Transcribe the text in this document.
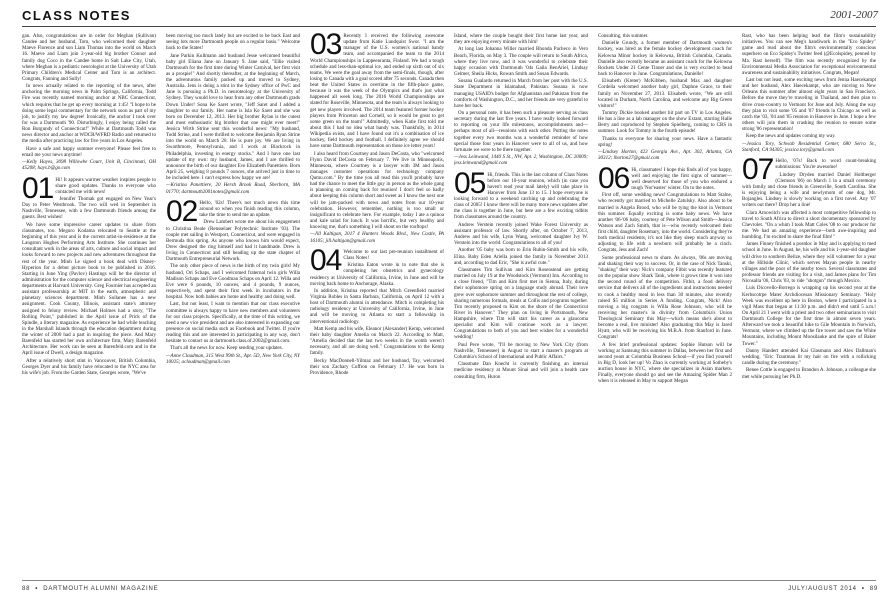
CLASS NOTES	2001-2007

gan. Also, congratulations are in order for Meghan (Sullivan) Candee and her husband, Tom, who welcomed their daughter Maeve Florence and son Liam Thomas into the world on March 16. Maeve and Liam join 2-year-old big brother Connor and family dog Coco in the Candee home in Salt Lake City, Utah, where Meghan is a pediatric neurologist at the University of Utah Primary Children's Medical Center and Tom is an architect. Congrats, Fanning and Sully!

In news actually related to the reporting of the news, after anchoring the morning news in Palm Springs, California, Todd Fire was recently named morning anchor at NBC Connecticut, which requires that he get up every morning at 1:45! "I hope to be doing some legal commentary for the network soon as part of my job, to justify my law degree! Ironically, the anchor I took over for was a Dartmouth '90. Disturbingly, I enjoy being called the Ron Burgundy of Connecticut!" While at Dartmouth Todd was news director and anchor at WDCR/WFRD Radio and returned to the media after practicing law for five years in Los Angeles.

Have a safe and happy summer everyone! Please feel free to email me your news anytime!

—Kelly Hayes, 3098 Willowbe Court, Unit B, Cincinnati, OH 45208; hays.b@go.com

01 Hi! It appears warmer weather inspires people to share good updates. Thanks to everyone who contacted me with news!

Jennifer Thomak got engaged on New Year's Day to Peter Westbrook. The two will wed in September in Nashville, Tennessee, with a few Dartmouth friends among the guests. Best wishes!

We have some impressive career updates to share from classmates, too. Meguro Kodama relocated to Seattle at the beginning of this year and is the current artist-in-residence at the Langston Hughes Performing Arts Institute. She continues her consultant work in the areas of arts, culture and social impact and looks forward to new projects and new adventures throughout the rest of the year. Minh Le signed a book deal with Disney-Hyperion for a debut picture book to be published in 2016. Starting in June Ying (Pavlov) Hastings will be the director of administration for the computer science and electrical engineering departments at Harvard University. Greg Fournier has accepted an assistant professorship at MIT in the earth, atmospheric and planetary sciences department. Minh Sollanee has a new assignment. Cook County, Illinois, assistant state's attorney assigned to felony review. Michael Holmes had a story, "The Rolling Point," published in the April issue of Prick of the Spindle, a literary magazine. As experience he had while teaching in the Marshall Islands through the education department during the winter of 2000 had a part in inspiring the piece. And Mary Barenfeld has started her own architecture firm, Mary Barenfeld Architecture. Her work can be seen at Barenfeld.com and in the April issue of Dwell, a design magazine.

After a relatively short stint in Vancouver, British Columbia, Georges Dyer and his family have relocated to the NYC area for his wife's job. From the Garden State, Georges wrote, "We've

been moving too much lately but are excited to be back East and seeing lots more Dartmouth people on a regular basis." Welcome back to the States!

Jane Parkin Kullmann and husband Jesse welcomed beautiful baby girl Eliana Jane on January 9. Jane said, "Ellie visited Dartmouth for the first time during Winter Carnival, her first visit as a prospie!" And shortly thereafter, at the beginning of March, the adventurous family packed up and moved to Sydney, Australia. Jens is doing a stint in the Sydney office of PwC and Jane is pursuing a Ph.D. in neuroteology at the University of Sydney. They would love to hear from any other Dartmouth grads Down Under! Sona Ke Saret wrote, "Jeff Saret and I added a daughter to our family. Her name is Isla Ke Saret and she was born on December 12, 2013. Her big brother Rylan is the cutest and most enthusiastic big brother that one might ever meet!" Jessica Wirth Strine sent this wonderful news: "My husband, Todd Strine, and I were thrilled to welcome Benjamin Ryan Strine into the world on March 28. He is pure joy. We are living in Swarthmore, Pennsylvania, and I work at Blackrock in Philadelphia, investing in energy stocks." And I have one last update of my own: my husband, James, and I are thrilled to announce the birth of our daughter Eve Elizabeth Panettiere. Born April 25, weighing 8 pounds 7 ounces, she arrived just in time to be included here. I can't express how happy we are!

—Kristina Panettiere, 20 Hersh Brook Road, Sherborn, MA 01770; dartmouth2001notes@gmail.com

02 Hello, '02s! There's not much news this time around so when you finish reading this column, take the time to send me an update.

Drew Lambert wrote me about his engagement to Christina Beale (Rensselaer Polytechnic Institute '03). The couple met sailing in Westport, Connecticut, and were engaged in Bermuda this spring. As anyone who knows him would expect, Drew designed the ring himself and had it handmade. Drew is living in Connecticut and still heading up the state chapter of Dartmouth Entrepreneurial Network.

The only other piece of news is the birth of my twin girls! My husband, Ori Schaps, and I welcomed fraternal twin girls Willa Madison Schaps and Eve Goodman Schaps on April 12. Willa and Eve were 6 pounds, 10 ounces, and 4 pounds, 9 ounces, respectively, and spent their first week in incubators in the hospital. Now both babies are home and healthy and doing well.

Last, but not least, I want to mention that our class executive committee is always happy to have new members and volunteers for our class projects. Specifically, at the time of this writing, we need a new vice president and are also interested in expanding our presence on social media such as Facebook and Twitter. If you're reading this and are interested in participating in any way, don't hesitate to contact us at dartmouth.class.of.2002@gmail.com.

That's all the news for now. Keep sending your updates.

—Anne Cloudman, 315 West 99th St., Apt. 5D, New York City, NY 10025; acloudman@gmail.com

03 Recently I received the following awesome update from Katie Lundquist Swor. "I am the manager of the U.S. women's national bandy team, and accompanied the team to the 2014 World Championships in Lappeenranta, Finland. We had a tough schedule and less-than-optimal ice, and ended up sixth out of six teams. We were the goal away from the semi-finals, though, after losing to Canada with a goal scored after 75 seconds. Canada then beat the United States in overtime in the fifth-place game, because it was the week of the Olympics and that's just what happened all week long. The 2016 World Championships are slated for Roseville, Minnesota, and the team is always looking to get new players involved. The 2014 team featured former hockey players from Princeton and Cornell, so it would be great to get some green on the team!" Admittedly, when Katie first told me about this I had no idea what bandy was. Thankfully, in 2014 Wikipedia exists, and I have found out it's a combination of ice hockey, field hockey and football. I definitely agree we should have some Dartmouth representation on those ice letter years!

I also heard from Courtney and Jason DeCosta, who "welcomed Flynn David DeCosta on February 7. We live in Minneapolis, Minnesota, where Courtney is a lawyer with 3M and Jason manages customer operations for technology company Qumu.com." By the time you all read this you'll probably have had the chance to meet the little guy in person as the whole gang is planning on coming back for reunion! I don't feel so badly about keeping this column short and sweet as I know the next one will be jam-packed with news and notes from our 10-year celebration. However, remember, nothing is too small or insignificant to celebrate here. For example, today I ate a quinoa and kale salad for lunch. It was horrific, but very healthy and knowing me, that's something I will shout on the rooftops!

—Jill Kaltigan, 2017 4 Hunters Woods Blvd., New Castle, PA 16105; jill.haltigan@gmail.com

04 Welcome to our last pre-reunion installment of Class Notes!

Kristina Eaton wrote in to note that she is completing her obstetrics and gynecology residency at University of California, Irvine, in June and will be moving back home to Anchorage, Alaska.

In addition, Kristina reported that Mitch Greenfield married Virginia Robles in Santa Barbara, California, on April 12 with a host of Dartmouth alumni in attendance. Mitch is completing his radiology residency at University of California, Irvine, in June and will be moving to Atlanta to start a fellowship in interventional radiology.

Matt Kemp and his wife, Eleanor (Alexander) Kemp, welcomed their baby daughter Amelia on March 22. According to Matt, "Amelia decided that the last two weeks in the womb weren't necessary, and all are doing well." Congratulations to the Kemp family.

Becky MacDonnell-Yilmaz and her husband, Tay, welcomed their son Zachary Coffron on February 17. He was born in Providence, Rhode

Island, where the couple bought their first home last year, and they are enjoying every minute with him!

At long last Johanna Willer married Rhonda Pacheco in Vero Beach, Florida, on May 3. The couple will return to South Africa, where they live now, and it was wonderful to celebrate their happy occasion with Dartmouth '04s Gaila BenAriel, Lindsay Gelmer, Sheila Hicks, Rowan Smith and Susan Edwards.

Susana Gualardo returned in March from her post with the U.S. State Department in Islamabad, Pakistan. Susana is now managing USAID's budget for Afghanistan and Pakistan from the comforts of Washington, D.C., and her friends are very grateful to have her back.

On a personal note, it has been such a pleasure serving as class secretary during the last five years. I have really looked forward to reporting on your life milestones, accomplishments and—perhaps most of all—reunions with each other. Putting the notes together every two months was a wonderful reminder of how special those four years in Hanover were to all of us, and how fortunate we were to be there together.

—Jess Leinwand, 1440 S St., NW, Apt. 2, Washington, DC 20009; jess.leinwand@gmail.com

05 Hi, friends. This is the last column of Class Notes before our 10-year reunion, which (in case you haven't read your mail lately) will take place in Hanover from June 13 to 15. I hope everyone is looking forward to a weekend catching up and celebrating the class of 2005! I know there will be many more news updates after the class is together in June, but here are a few exciting tidbits from classmates around the country.

Andrew Verstein recently joined Wake Forest University as assistant professor of law. Shortly after, on October 7, 2013, Andrew and his wife, Lynn Wang, welcomed daughter Ivy W. Verstein into the world. Congratulations to all of you!

Another '05 baby was born to Erin Rubin-Smith and his wife, Elina. Baby Eden Ariella joined the family in November 2013 and, according to dad Eric, "She is awful cute."

Classmates Tim Sullivan and Kim Rosenstead are getting married on July 19 at the Woodstock (Vermont) Inn. According to a close friend, "Tim and Kim first met in Sienna, Italy, during their sophomore spring on a language study abroad. Their love grew over sophomore summer and throughout the rest of college, sharing numerous formals, meals at Collis and programs together. Tim recently proposed to Kim on the shore of the Connecticut River in Hanover." They plan on living in Portsmouth, New Hampshire, where Tim will start his career as a glaucoma specialist and Kim will continue work as a lawyer. Congratulations to both of you and best wishes for a wonderful wedding!

Paul Pece wrote, "I'll be moving to New York City (from Nashville, Tennessee) in August to start a master's program at Columbia's School of International and Public Affairs."

Classmate Dan Knecht is currently finishing an internal medicine residency at Mount Sinai and will join a health care consulting firm, Huron

Consulting, this summer.

Danielle Grundy, a former member of Dartmouth women's hockey, was hired as the female hockey development coach for Kelowna Minor hockey in Kelowna, British Columbia, Canada. Danielle also recently became an assistant coach for the Kelowna Rockets Under 21 Cente Tinner and she is very excited to head back to Hanover in June. Congratulations, Danielle!

Elisabeth (Kreter) McKibben, husband Max and daughter Cordelia welcomed another baby girl, Daphne Grace, to their family on November 27, 2013. Elisabeth wrote, "We are still located in Durham, North Carolina, and welcome any Big Green visitors!"

Tommy Dickie booked another bit part on TV in Los Angeles. He has a line as a lab manager on the show Extant, starring Halle Berry and coproduced by Stephen Spielberg, coming to CBS in summer. Look for Tommy in the fourth episode!

Thanks to everyone for sharing your news. Have a fantastic spring!

—Lindsey Horton, 423 Georgia Ave., Apt. 302, Atlanta, GA 30312; lhorton27@gmail.com

06 Hi, classmates! I hope this finds all of you happy, well and enjoying the first signs of summer—well deserved for those of you who endured a tough 'Nor'easter' winter. On to the notes.

First off, some wedding news! Congratulations to Matt Stalne, who recently got married to Michelle Zatulsky. Also about to be married is Angela Brood, who will be tying the knot in Vermont this summer. Equally exciting is some baby news. We have another '06-'06 baby, courtesy of Pete Wilson and Smith—Jessica Watson and Zach Smith, that is—who recently welcomed their first child, daughter Rosemary, into the world. Considering they're both medical residents, it's not like they sleep much anyway so adjusting to life with a newborn will probably be a cinch. Congrats, Jess and Zach!

Some professional news to share. As always, '06s are moving and shaking their way to success. Or, in the case of Nick Tanski, "shaking" their way: Nick's company Fitbit was recently featured on the popular show Shark Tank, where it grows time it won into the second round of the competition. Fitbit, a food delivery service that delivers all of the ingredients and instructions needed to cook a healthy meal in less than 30 minutes, also recently raised $5 million in Series A funding. Congrats, Nick! Also moving a big congrats is Willa Rose Johnson, who will be receiving her master's in divinity from Columbia's Union Theological Seminary this May—which means she's about to become a real, live minister! Also graduating this May is Jared Hyatt, who will be receiving his M.B.A. from Stanford in June. Congrats!

A few brief professional updates: Sophie Hutson will be working at Samsung this summer in Dallas, between her first and second years at Columbia Business School—if you find yourself in Big D, look her up! Vo Zhao is currently working at Sotheby's auction house in NYC, where she specializes in Asian markets. Finally, everyone should go and see the Amazing Spider Man 2 when it is released in May to support Megan

Rast, who has been helping lead the film's sustainability initiatives. You can see Meg's handiwork in the "Eco Spidey" game and read about the film's environmentally conscious superhero on Eco Spidey's Twitter feed (@Ecolspidey, penned by Ma. Rast herself). The film was recently recognized by the Environmental Media Association for exceptional environmental awareness and sustainability initiatives. Congrats, Megan!

Last but not least, some exciting news from Jenna Haecekampt and her husband, Alex Haecekampt, who are moving to New Orleans this summer after almost eight years in San Francisco. Before the move they're traveling in Thailand, and then plan to drive cross-country to Vermont for June and July. Along the way they plan to visit some '05 and '07 friends in Chicago as well as catch the '03, '04 and '05 reunion in Hanover in June. I hope a few others will join them in crashing the reunion to ensure some strong '06 representation!

Keep the news and updates coming my way.

—Jessica Tory, Schwab Residential Center, 680 Serra St., Stanford, CA 94305; jessica.tory@gmail.com

07 Hello, '07s! Back to word count-breaking submissions: You're awesome!

Lindsey Dryden married Daniel Holtberger (Clemson '06) on March 1 in a small ceremony with family and close friends in Greenville, South Carolina. She is enjoying being a wife and newlymom of one dog, Mr. Bojangles. Lindsey is slowly working on a first novel. Any '07 writers out there? Drop her a line!

Clara Arnowitch was affected a most competitive fellowship to travel to South Africa to direct a short documentary sponsored by Chevrolet. "On a whim I took Matt Coles '08 to our producer for me. We had an amazing experience—both awe-inspiring and humbling. I'm excited to share the final film!"

James Finney finished a postdoc in May and is applying to med school in June. In August, he, his wife and his 1-year-old daughter will drive to southern Belize, where they will volunteer for a year at the Hillside Clinic, which serves Mayan people in nearby villages and the poor of the nearby town. Several classmates and professor friends are visiting for a visit, and James plans for Tim Nicosalla '06, Chris '03, to ride "shotgun" through Mexico.

Luis Dicovello-Borrego is wrapping up his second year at the Kerbscotrpe Mater Archdiocesan Missionary Seminary. "Holy Week was excellent up here in Boston, where I participated in a vigil Mass that began at 11:30 p.m. and didn't end until 5 a.m.! On April 21 I went with a priest and two other seminarians to visit Dartmouth College for the first time in almost seven years. Afterward we took a beautiful hike to Gile Mountain in Norwich, Vermont, where we climbed up the fire tower and saw the White Mountains, including Mount Moosilauke and the spire of Baker Tower."

Danny Handert attended Kai Glasmann and Alex Dallman's wedding. "Eric Trautman lit my hair on fire with a rollicking candle during the ceremony."

Renee Cottle is engaged to Brandon A. Johnson, a colleague she met while pursuing her Ph.D.

88 • DARTMOUTH ALUMNI MAGAZINE	JULY/AUGUST 2014 • 89
